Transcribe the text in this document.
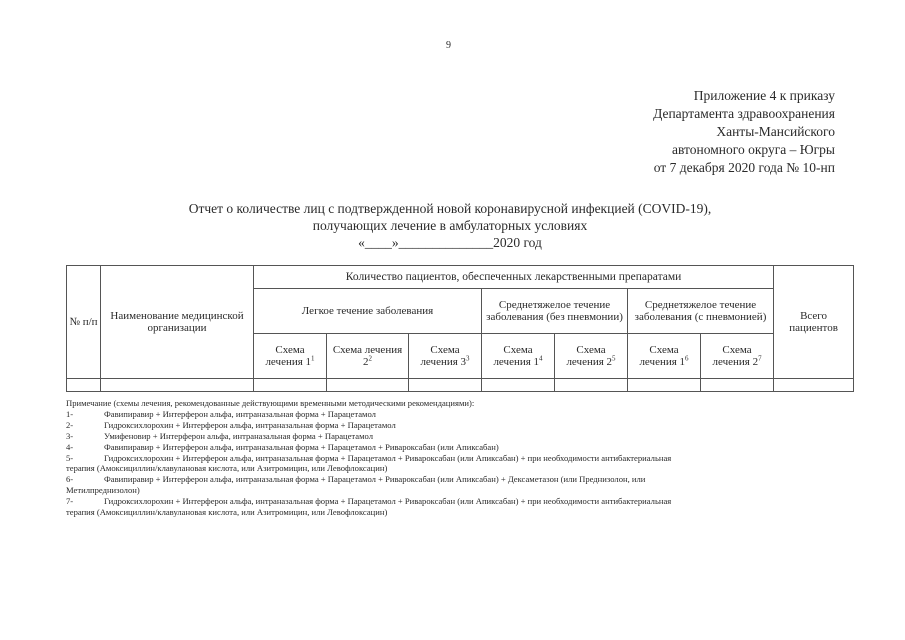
9
Приложение 4 к приказу
Департамента здравоохранения
Ханты-Мансийского
автономного округа – Югры
от 7 декабря 2020 года № 10-нп
Отчет о количестве лиц с подтвержденной новой коронавирусной инфекцией (COVID-19),
получающих лечение в амбулаторных условиях
«____»______________2020 год
№ п/п	Наименование медицинской организации	Количество пациентов, обеспеченных лекарственными препаратами							Всего пациентов
		Легкое течение заболевания			Среднетяжелое течение заболевания (без пневмонии)		Среднетяжелое течение заболевания (с пневмонией)		
		Схема лечения $1^1$	Схема лечения $2^2$	Схема лечения $3^3$	Схема лечения $1^4$	Схема лечения $2^5$	Схема лечения $1^6$	Схема лечения $2^7$

Примечание (схемы лечения, рекомендованные действующими временными методическими рекомендациями):
1-	Фавипиравир + Интерферон альфа, интраназальная форма + Парацетамол
2-	Гидроксихлорохин + Интерферон альфа, интраназальная форма + Парацетамол
3-	Умифеновир + Интерферон альфа, интраназальная форма + Парацетамол
4-	Фавипиравир + Интерферон альфа, интраназальная форма + Парацетамол + Ривароксабан (или Апиксабан)
5-	Гидроксихлорохин + Интерферон альфа, интраназальная форма + Парацетамол + Ривароксабан (или Апиксабан) + при необходимости антибактериальная
терапия (Амоксициллин/клавулановая кислота, или Азитромицин, или Левофлоксацин)
6-	Фавипиравир + Интерферон альфа, интраназальная форма + Парацетамол + Ривароксабан (или Апиксабан) + Дексаметазон (или Преднизолон, или
Метилпреднизолон)
7-	Гидроксихлорохин + Интерферон альфа, интраназальная форма + Парацетамол + Ривароксабан (или Апиксабан) + при необходимости антибактериальная
терапия (Амоксициллин/клавулановая кислота, или Азитромицин, или Левофлоксацин)
